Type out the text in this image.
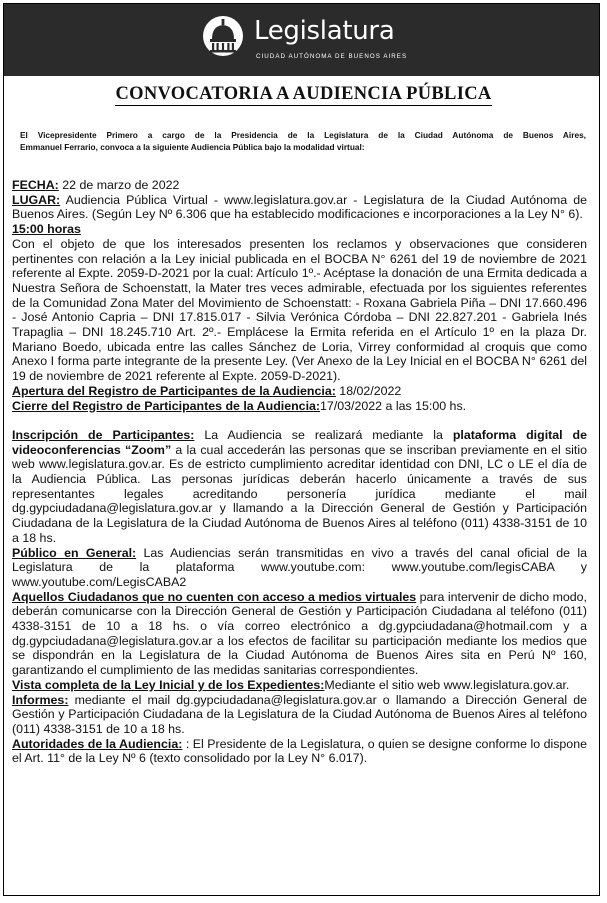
Legislatura
CIUDAD AUTÓNOMA DE BUENOS AIRES
CONVOCATORIA A AUDIENCIA PÚBLICA
El Vicepresidente Primero a cargo de la Presidencia de la Legislatura de la Ciudad Autónoma de Buenos Aires,
Emmanuel Ferrario, convoca a la siguiente Audiencia Pública bajo la modalidad virtual:

FECHA: 22 de marzo de 2022

LUGAR: Audiencia Pública Virtual - www.legislatura.gov.ar - Legislatura de la Ciudad Autónoma de Buenos Aires. (Según Ley Nº 6.306 que ha establecido modificaciones e incorporaciones a la Ley N° 6).

15:00 horas

Con el objeto de que los interesados presenten los reclamos y observaciones que consideren pertinentes con relación a la Ley inicial publicada en el BOCBA N° 6261 del 19 de noviembre de 2021 referente al Expte. 2059-D-2021 por la cual: Artículo 1º.- Acéptase la donación de una Ermita dedicada a Nuestra Señora de Schoenstatt, la Mater tres veces admirable, efectuada por los siguientes referentes de la Comunidad Zona Mater del Movimiento de Schoenstatt: - Roxana Gabriela Piña – DNI 17.660.496 - José Antonio Capria – DNI 17.815.017 - Silvia Verónica Córdoba – DNI 22.827.201 - Gabriela Inés Trapaglia – DNI 18.245.710 Art. 2º.- Emplácese la Ermita referida en el Artículo 1º en la plaza Dr. Mariano Boedo, ubicada entre las calles Sánchez de Loria, Virrey conformidad al croquis que como Anexo I forma parte integrante de la presente Ley. (Ver Anexo de la Ley Inicial en el BOCBA N° 6261 del 19 de noviembre de 2021 referente al Expte. 2059-D-2021).

Apertura del Registro de Participantes de la Audiencia: 18/02/2022

Cierre del Registro de Participantes de la Audiencia:17/03/2022 a las 15:00 hs.

Inscripción de Participantes: La Audiencia se realizará mediante la plataforma digital de videoconferencias “Zoom” a la cual accederán las personas que se inscriban previamente en el sitio web www.legislatura.gov.ar. Es de estricto cumplimiento acreditar identidad con DNI, LC o LE el día de la Audiencia Pública. Las personas jurídicas deberán hacerlo únicamente a través de sus representantes legales acreditando personería jurídica mediante el mail dg.gypciudadana@legislatura.gov.ar y llamando a la Dirección General de Gestión y Participación Ciudadana de la Legislatura de la Ciudad Autónoma de Buenos Aires al teléfono (011) 4338-3151 de 10 a 18 hs.

Público en General: Las Audiencias serán transmitidas en vivo a través del canal oficial de la Legislatura de la plataforma www.youtube.com: www.youtube.com/legisCABA y www.youtube.com/LegisCABA2

Aquellos Ciudadanos que no cuenten con acceso a medios virtuales para intervenir de dicho modo, deberán comunicarse con la Dirección General de Gestión y Participación Ciudadana al teléfono (011) 4338-3151 de 10 a 18 hs. o vía correo electrónico a dg.gypciudadana@hotmail.com y a dg.gypciudadana@legislatura.gov.ar a los efectos de facilitar su participación mediante los medios que se dispondrán en la Legislatura de la Ciudad Autónoma de Buenos Aires sita en Perú Nº 160, garantizando el cumplimiento de las medidas sanitarias correspondientes.

Vista completa de la Ley Inicial y de los Expedientes:Mediante el sitio web www.legislatura.gov.ar.

Informes: mediante el mail dg.gypciudadana@legislatura.gov.ar o llamando a Dirección General de Gestión y Participación Ciudadana de la Legislatura de la Ciudad Autónoma de Buenos Aires al teléfono (011) 4338-3151 de 10 a 18 hs.

Autoridades de la Audiencia: : El Presidente de la Legislatura, o quien se designe conforme lo dispone el Art. 11° de la Ley Nº 6 (texto consolidado por la Ley N° 6.017).
